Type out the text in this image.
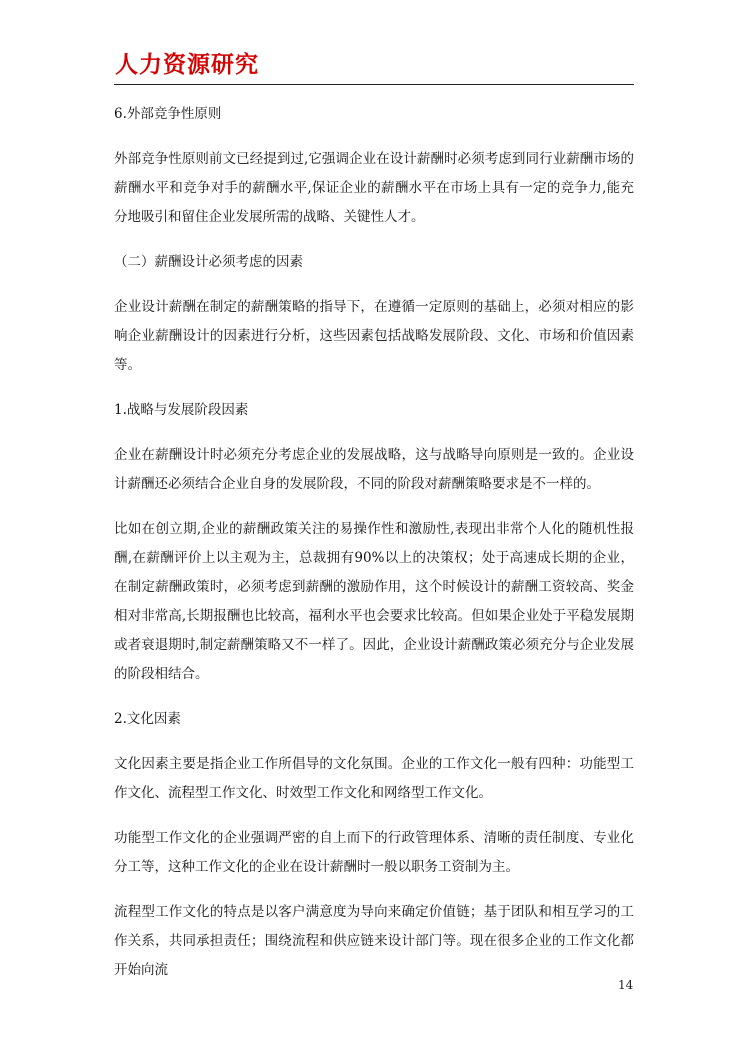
人力资源研究

6.外部竞争性原则

外部竞争性原则前文已经提到过,它强调企业在设计薪酬时必须考虑到同行业薪酬市场的薪酬水平和竞争对手的薪酬水平,保证企业的薪酬水平在市场上具有一定的竞争力,能充分地吸引和留住企业发展所需的战略、关键性人才。

（二）薪酬设计必须考虑的因素

企业设计薪酬在制定的薪酬策略的指导下，在遵循一定原则的基础上，必须对相应的影响企业薪酬设计的因素进行分析，这些因素包括战略发展阶段、文化、市场和价值因素等。

1.战略与发展阶段因素

企业在薪酬设计时必须充分考虑企业的发展战略，这与战略导向原则是一致的。企业设计薪酬还必须结合企业自身的发展阶段，不同的阶段对薪酬策略要求是不一样的。

比如在创立期,企业的薪酬政策关注的易操作性和激励性,表现出非常个人化的随机性报酬,在薪酬评价上以主观为主，总裁拥有90%以上的决策权；处于高速成长期的企业，在制定薪酬政策时，必须考虑到薪酬的激励作用，这个时候设计的薪酬工资较高、奖金相对非常高,长期报酬也比较高，福利水平也会要求比较高。但如果企业处于平稳发展期或者衰退期时,制定薪酬策略又不一样了。因此，企业设计薪酬政策必须充分与企业发展的阶段相结合。

2.文化因素

文化因素主要是指企业工作所倡导的文化氛围。企业的工作文化一般有四种：功能型工作文化、流程型工作文化、时效型工作文化和网络型工作文化。

功能型工作文化的企业强调严密的自上而下的行政管理体系、清晰的责任制度、专业化分工等，这种工作文化的企业在设计薪酬时一般以职务工资制为主。

流程型工作文化的特点是以客户满意度为导向来确定价值链；基于团队和相互学习的工作关系，共同承担责任；围绕流程和供应链来设计部门等。现在很多企业的工作文化都开始向流

14
